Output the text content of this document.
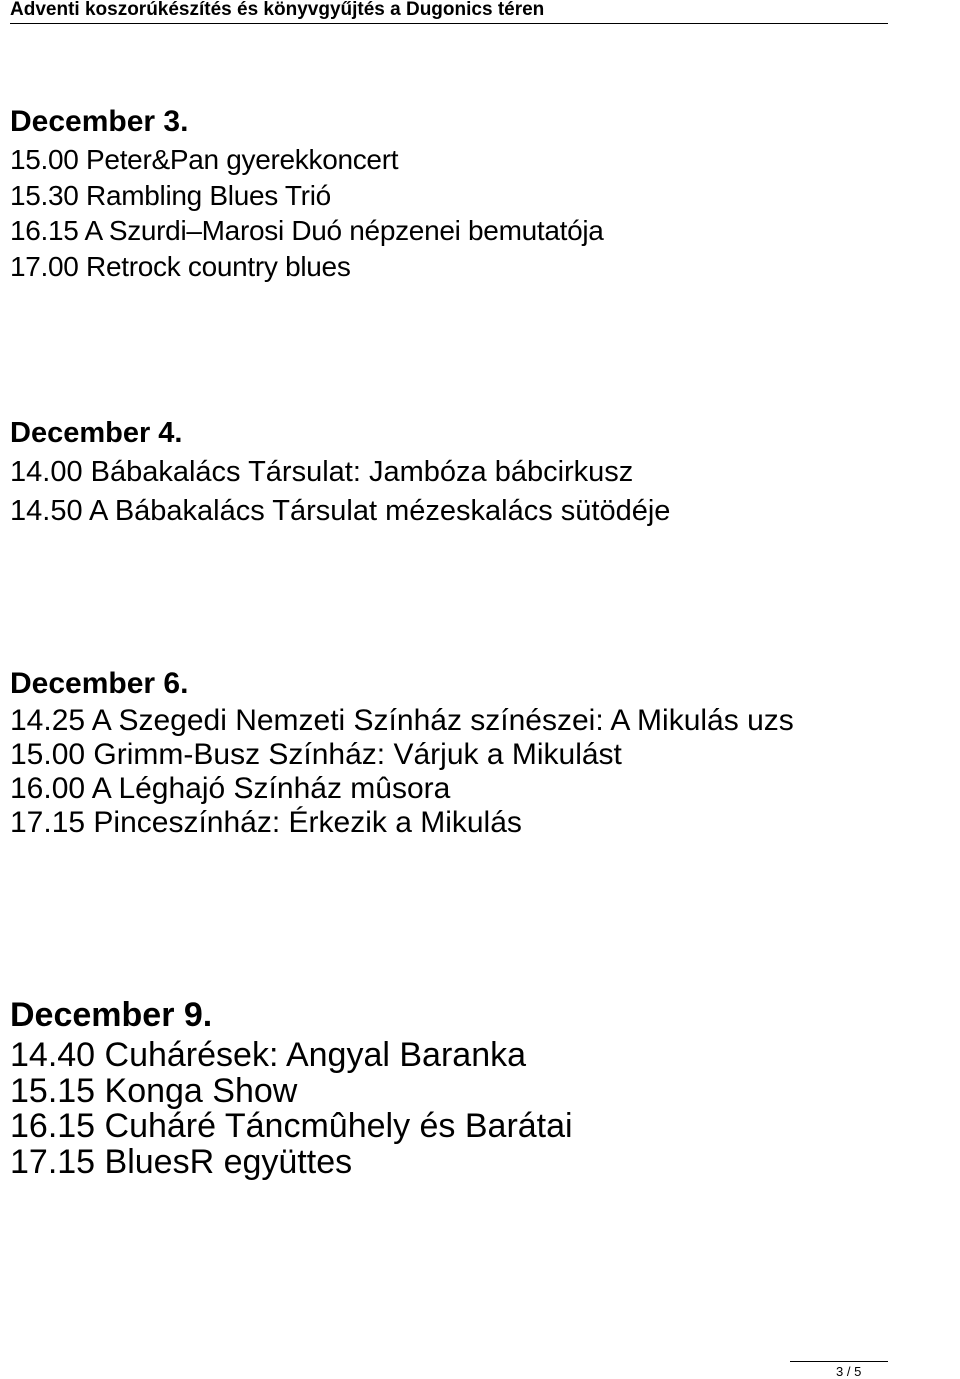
Adventi koszorúkészítés és könyvgyűjtés a Dugonics téren
December 3.
15.00 Peter&Pan gyerekkoncert
15.30 Rambling Blues Trió
16.15 A Szurdi–Marosi Duó népzenei bemutatója
17.00 Retrock country blues
December 4.
14.00 Bábakalács Társulat: Jambóza bábcirkusz
14.50 A Bábakalács Társulat mézeskalács sütödéje
December 6.
14.25 A Szegedi Nemzeti Színház színészei: A Mikulás uzs
15.00 Grimm-Busz Színház: Várjuk a Mikulást
16.00 A Léghajó Színház mûsora
17.15 Pinceszínház: Érkezik a Mikulás
December 9.
14.40 Cuhárések: Angyal Baranka
15.15 Konga Show
16.15 Cuháré Táncmûhely és Barátai
17.15 BluesR együttes
3 / 5
